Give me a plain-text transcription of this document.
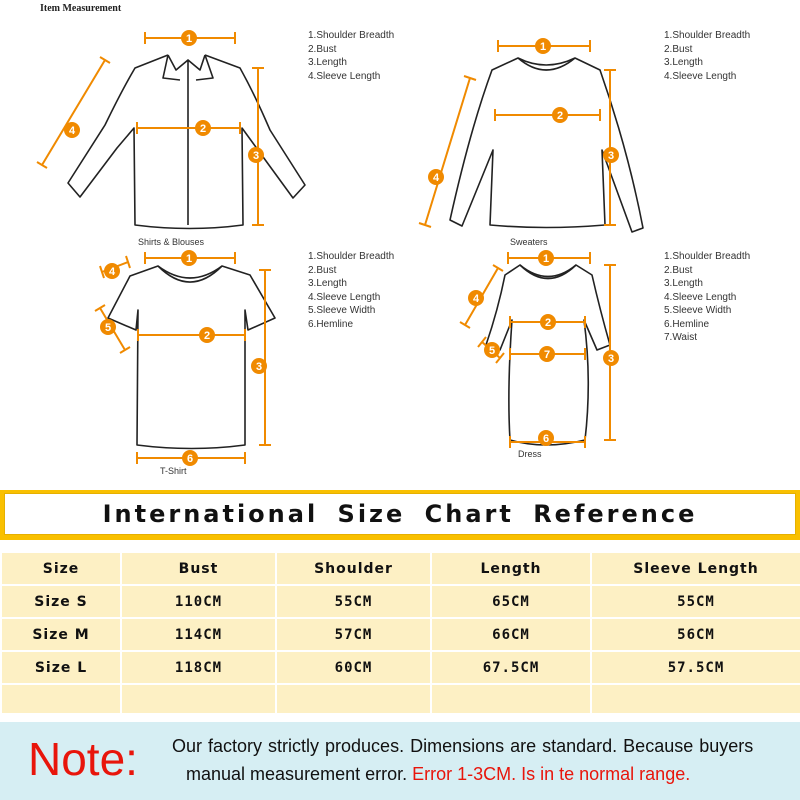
Item Measurement
1
2
3
4
1
2
3
4
1
2
3
4
5
6
1
2
3
4
5
6
7
Shirts & Blouses	Sweaters
T-Shirt
Dress
1.Shoulder Breadth
2.Bust
3.Length
4.Sleeve Length
1.Shoulder Breadth
2.Bust
3.Length
4.Sleeve Length
1.Shoulder Breadth
2.Bust
3.Length
4.Sleeve Length
5.Sleeve Width
6.Hemline
1.Shoulder Breadth
2.Bust
3.Length
4.Sleeve Length
5.Sleeve Width
6.Hemline
7.Waist
International Size Chart Reference
Size	Bust	Shoulder	Length	Sleeve Length
Size S	110CM	55CM	65CM	55CM
Size M	114CM	57CM	66CM	56CM
Size L	118CM	60CM	67.5CM	57.5CM

Note: Our factory strictly produces. Dimensions are standard. Because buyers
manual measurement error. Error 1-3CM. Is in te normal range.
